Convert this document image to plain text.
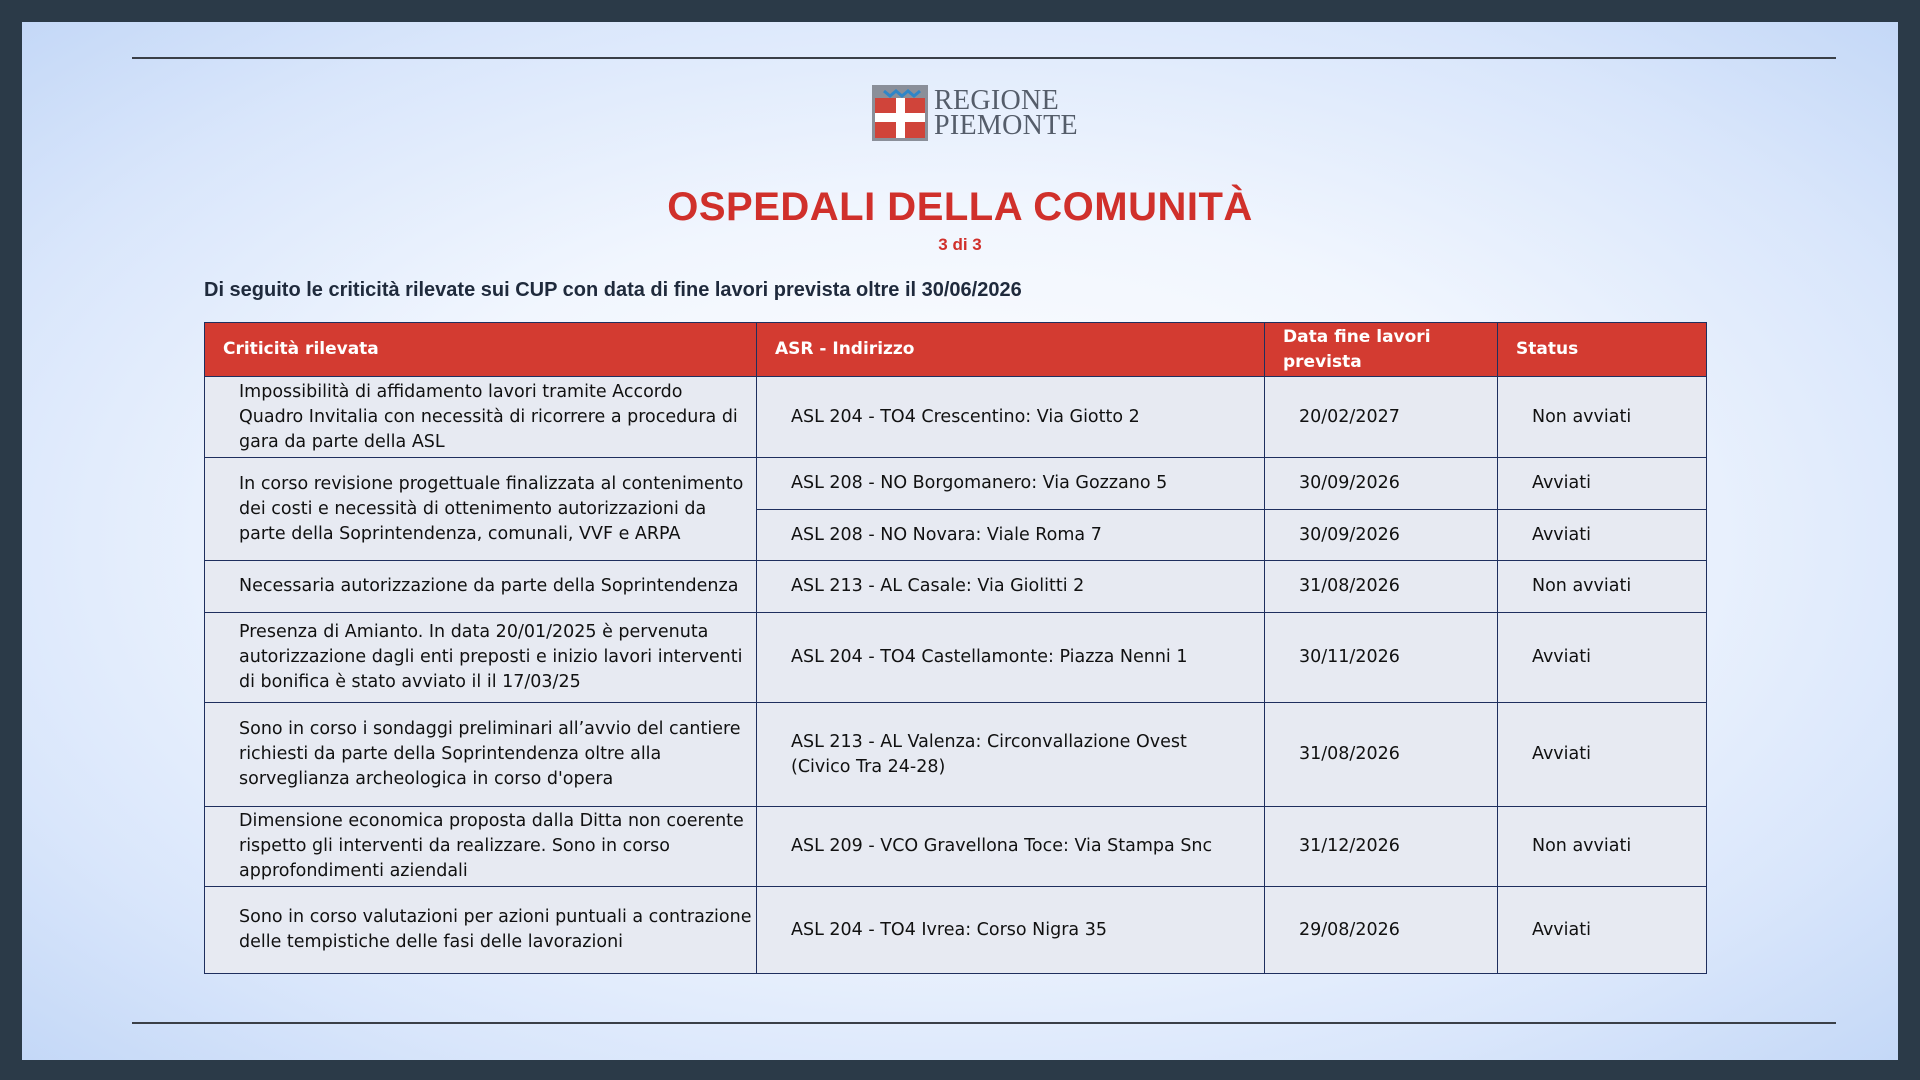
REGIONE
PIEMONTE
OSPEDALI DELLA COMUNITÀ
3 di 3
Di seguito le criticità rilevate sui CUP con data di fine lavori prevista oltre il 30/06/2026
Criticità rilevata	ASR - Indirizzo	Data fine lavori prevista	Status
Impossibilità di affidamento lavori tramite Accordo Quadro Invitalia con necessità di ricorrere a procedura di gara da parte della ASL	ASL 204 - TO4 Crescentino: Via Giotto 2	20/02/2027	Non avviati
In corso revisione progettuale finalizzata al contenimento dei costi e necessità di ottenimento autorizzazioni da parte della Soprintendenza, comunali, VVF e ARPA	ASL 208 - NO Borgomanero: Via Gozzano 5	30/09/2026	Avviati
	ASL 208 - NO Novara: Viale Roma 7	30/09/2026	Avviati
Necessaria autorizzazione da parte della Soprintendenza	ASL 213 - AL Casale: Via Giolitti 2	31/08/2026	Non avviati
Presenza di Amianto. In data 20/01/2025 è pervenuta autorizzazione dagli enti preposti e inizio lavori interventi di bonifica è stato avviato il il 17/03/25	ASL 204 - TO4 Castellamonte: Piazza Nenni 1	30/11/2026	Avviati
Sono in corso i sondaggi preliminari all’avvio del cantiere richiesti da parte della Soprintendenza oltre alla sorveglianza archeologica in corso d'opera	ASL 213 - AL Valenza: Circonvallazione Ovest (Civico Tra 24-28)	31/08/2026	Avviati
Dimensione economica proposta dalla Ditta non coerente rispetto gli interventi da realizzare. Sono in corso approfondimenti aziendali	ASL 209 - VCO Gravellona Toce: Via Stampa Snc	31/12/2026	Non avviati
Sono in corso valutazioni per azioni puntuali a contrazione delle tempistiche delle fasi delle lavorazioni	ASL 204 - TO4 Ivrea: Corso Nigra 35	29/08/2026	Avviati
